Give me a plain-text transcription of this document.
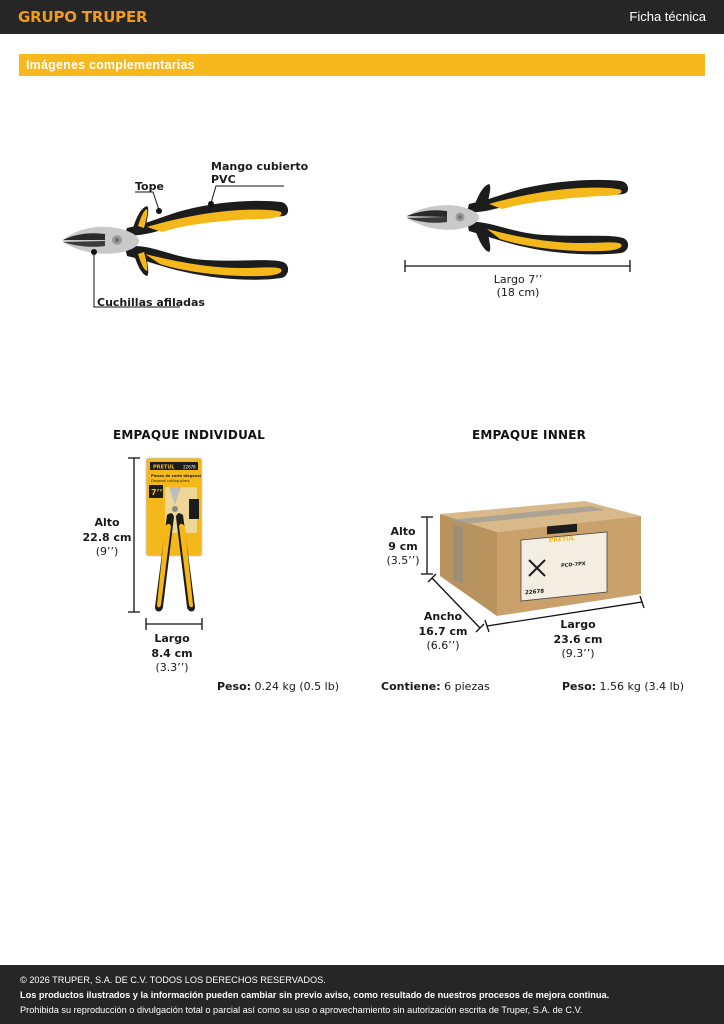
GRUPO TRUPER	Ficha técnica
Imágenes complementarias
Tope
Mango cubierto
PVC
Cuchillas afiladas
Largo 7’’
(18 cm)
EMPAQUE INDIVIDUAL
PRETUL 22678
Pinzas de corte diagonal
Diagonal cutting pliers
7’’
Alto
22.8 cm
(9’’)
Largo
8.4 cm
(3.3’’)
Peso: 0.24 kg (0.5 lb)
EMPAQUE INNER
PRETUL
PCD-7PX
22678
Alto
9 cm
(3.5’’)
Ancho
16.7 cm
(6.6’’)
Largo
23.6 cm
(9.3’’)
Contiene: 6 piezas	Peso: 1.56 kg (3.4 lb)
© 2026 TRUPER, S.A. DE C.V. TODOS LOS DERECHOS RESERVADOS.
Los productos ilustrados y la información pueden cambiar sin previo aviso, como resultado de nuestros procesos de mejora continua.
Prohibida su reproducción o divulgación total o parcial así como su uso o aprovechamiento sin autorización escrita de Truper, S.A. de C.V.
